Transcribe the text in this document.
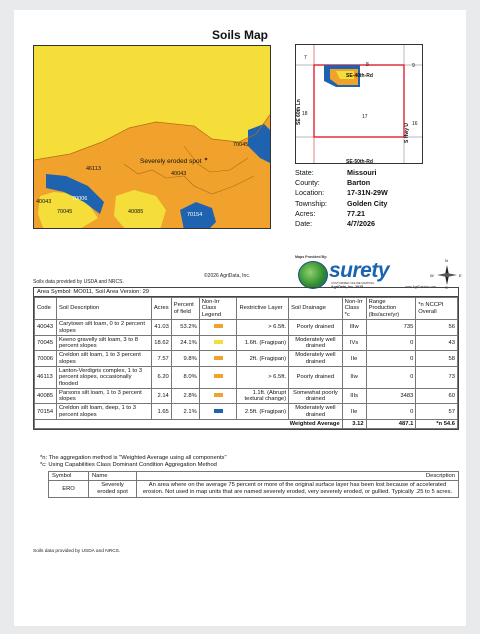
Soils Map
70045
Severely eroded spot
46113
40043
40043	70006
70045	40085	70154
©2026 AgriData, Inc.
Soils data provided by USDA and NRCS.
7
8	9
18	17
16
SE-40th-Rd
SE-50th-Rd
SE 60th Ln
S Hwy U
State:	Missouri
County:	Barton
Location:	17-31N-29W
Township:	Golden City
Acres:	77.21
Date:	4/7/2026
Maps Provided By:
surety
CUSTOMIZED ONLINE MAPPING
www.AgriDataInc.com
AgriData, Inc. 2025
N
S
W	E
Area Symbol: MO011, Soil Area Version: 29
Code	Soil Description	Acres	Percent of field	Non-Irr Class Legend	Restrictive Layer	Soil Drainage	Non-Irr Class *c	Range Production (lbs/acre/yr)	*n NCCPI Overall
40043	Carytown silt loam, 0 to 2 percent slopes	41.03	53.2%		> 6.5ft.	Poorly drained	IIIw	735	56
70045	Keeno gravelly silt loam, 3 to 8 percent slopes	18.62	24.1%		1.6ft. (Fragipan)	Moderately well drained	IVs	0	43
70006	Creldon silt loam, 1 to 3 percent slopes	7.57	9.8%		2ft. (Fragipan)	Moderately well drained	IIe	0	58
46113	Lanton-Verdigris complex, 1 to 3 percent slopes, occasionally flooded	6.20	8.0%		> 6.5ft.	Poorly drained	IIw	0	73
40085	Parsons silt loam, 1 to 3 percent slopes	2.14	2.8%		1.1ft. (Abrupt textural change)	Somewhat poorly drained	IIIs	3483	60
70154	Creldon silt loam, deep, 1 to 3 percent slopes	1.65	2.1%		2.5ft. (Fragipan)	Moderately well drained	IIe	0	57
Weighted Average							3.12	487.1	*n 54.6
*n: The aggregation method is "Weighted Average using all components"
*c: Using Capabilities Class Dominant Condition Aggregation Method
Symbol	Name	Description
ERO	Severely eroded spot	An area where on the average 75 percent or more of the original surface layer has been lost because of accelerated erosion. Not used in map units that are named severely eroded, very severely eroded, or gullied. Typically .25 to 5 acres.
Soils data provided by USDA and NRCS.
